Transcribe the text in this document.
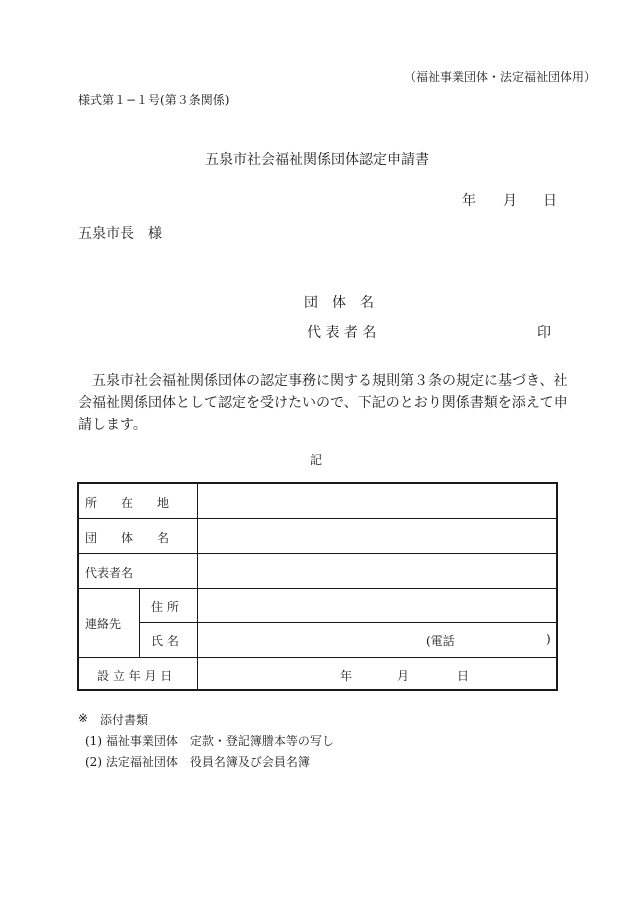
（福祉事業団体・法定福祉団体用）
様式第１−１号(第３条関係)
五泉市社会福祉関係団体認定申請書
年 月 日
五泉市長　様
団　体　名
代 表 者 名	印
五泉市社会福祉関係団体の認定事務に関する規則第３条の規定に基づき、社
会福祉関係団体として認定を受けたいので、下記のとおり関係書類を添えて申
請します。
記
所　　在　　地
団　　体　　名
代表者名
連絡先
住 所
氏 名	(電話	)
設 立 年 月 日	年	月	日
※ 添付書類
(1) 福祉事業団体　定款・登記簿謄本等の写し
(2) 法定福祉団体　役員名簿及び会員名簿
